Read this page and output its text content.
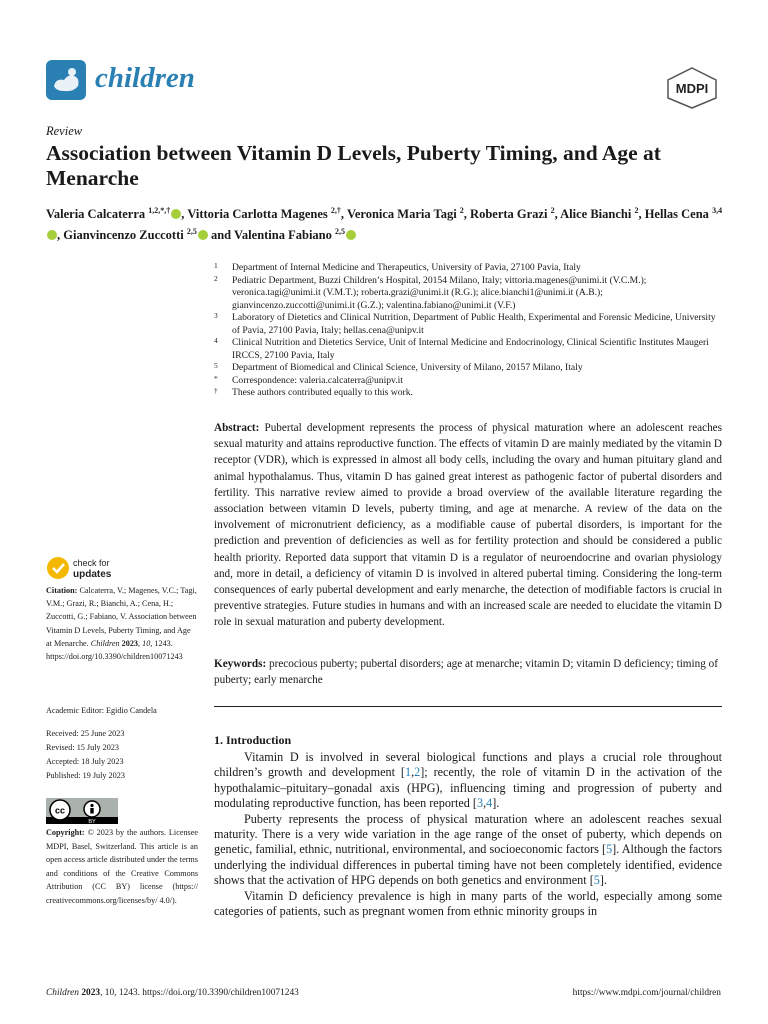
children	MDPI
Review
Association between Vitamin D Levels, Puberty Timing, and Age at Menarche
Valeria Calcaterra $^{1,2,*,\dagger}$ , Vittoria Carlotta Magenes $^{2,\dagger}$, Veronica Maria Tagi $^2$, Roberta Grazi $^2$, Alice Bianchi $^2$, Hellas Cena $^{3,4}$, Gianvincenzo Zuccotti $^{2,5}$ and Valentina Fabiano $^{2,5}$
1 Department of Internal Medicine and Therapeutics, University of Pavia, 27100 Pavia, Italy
2 Pediatric Department, Buzzi Children’s Hospital, 20154 Milano, Italy; vittoria.magenes@unimi.it (V.C.M.); veronica.tagi@unimi.it (V.M.T.); roberta.grazi@unimi.it (R.G.); alice.bianchi1@unimi.it (A.B.); gianvincenzo.zuccotti@unimi.it (G.Z.); valentina.fabiano@unimi.it (V.F.)
3 Laboratory of Dietetics and Clinical Nutrition, Department of Public Health, Experimental and Forensic Medicine, University of Pavia, 27100 Pavia, Italy; hellas.cena@unipv.it
4 Clinical Nutrition and Dietetics Service, Unit of Internal Medicine and Endocrinology, Clinical Scientific Institutes Maugeri IRCCS, 27100 Pavia, Italy
5 Department of Biomedical and Clinical Science, University of Milano, 20157 Milano, Italy
* Correspondence: valeria.calcaterra@unipv.it
† These authors contributed equally to this work.
Abstract: Pubertal development represents the process of physical maturation where an adolescent reaches sexual maturity and attains reproductive function. The effects of vitamin D are mainly mediated by the vitamin D receptor (VDR), which is expressed in almost all body cells, including the ovary and human pituitary gland and animal hypothalamus. Thus, vitamin D has gained great interest as pathogenic factor of pubertal disorders and fertility. This narrative review aimed to provide a broad overview of the available literature regarding the association between vitamin D levels, puberty timing, and age at menarche. A review of the data on the involvement of micronutrient deficiency, as a modifiable cause of pubertal disorders, is important for the prediction and prevention of deficiencies as well as for fertility protection and should be considered a public health priority. Reported data support that vitamin D is a regulator of neuroendocrine and ovarian physiology and, more in detail, a deficiency of vitamin D is involved in altered pubertal timing. Considering the long-term consequences of early pubertal development and early menarche, the detection of modifiable factors is crucial in preventive strategies. Future studies in humans and with an increased scale are needed to elucidate the vitamin D role in sexual maturation and puberty development.
Keywords: precocious puberty; pubertal disorders; age at menarche; vitamin D; vitamin D deficiency; timing of puberty; early menarche
1. Introduction

Vitamin D is involved in several biological functions and plays a crucial role throughout children’s growth and development [1,2]; recently, the role of vitamin D in the activation of the hypothalamic–pituitary–gonadal axis (HPG), influencing timing and progression of puberty and modulating reproductive function, has been reported [3,4].

Puberty represents the process of physical maturation where an adolescent reaches sexual maturity. There is a very wide variation in the age range of the onset of puberty, which depends on genetic, familial, ethnic, nutritional, environmental, and socioeconomic factors [5]. Although the factors underlying the individual differences in pubertal timing have not been completely identified, evidence shows that the activation of HPG depends on both genetics and environment [5].

Vitamin D deficiency prevalence is high in many parts of the world, especially among some categories of patients, such as pregnant women from ethnic minority groups in

check for
updates
Citation: Calcaterra, V.; Magenes, V.C.; Tagi, V.M.; Grazi, R.; Bianchi, A.; Cena, H.; Zuccotti, G.; Fabiano, V. Association between Vitamin D Levels, Puberty Timing, and Age at Menarche. Children 2023, 10, 1243. https://doi.org/10.3390/children10071243
Academic Editor: Egidio Candela
Received: 25 June 2023
Revised: 15 July 2023
Accepted: 18 July 2023
Published: 19 July 2023
cc
BY
Copyright: © 2023 by the authors. Licensee MDPI, Basel, Switzerland. This article is an open access article distributed under the terms and conditions of the Creative Commons Attribution (CC BY) license (https:// creativecommons.org/licenses/by/ 4.0/).
Children 2023, 10, 1243. https://doi.org/10.3390/children10071243	https://www.mdpi.com/journal/children
